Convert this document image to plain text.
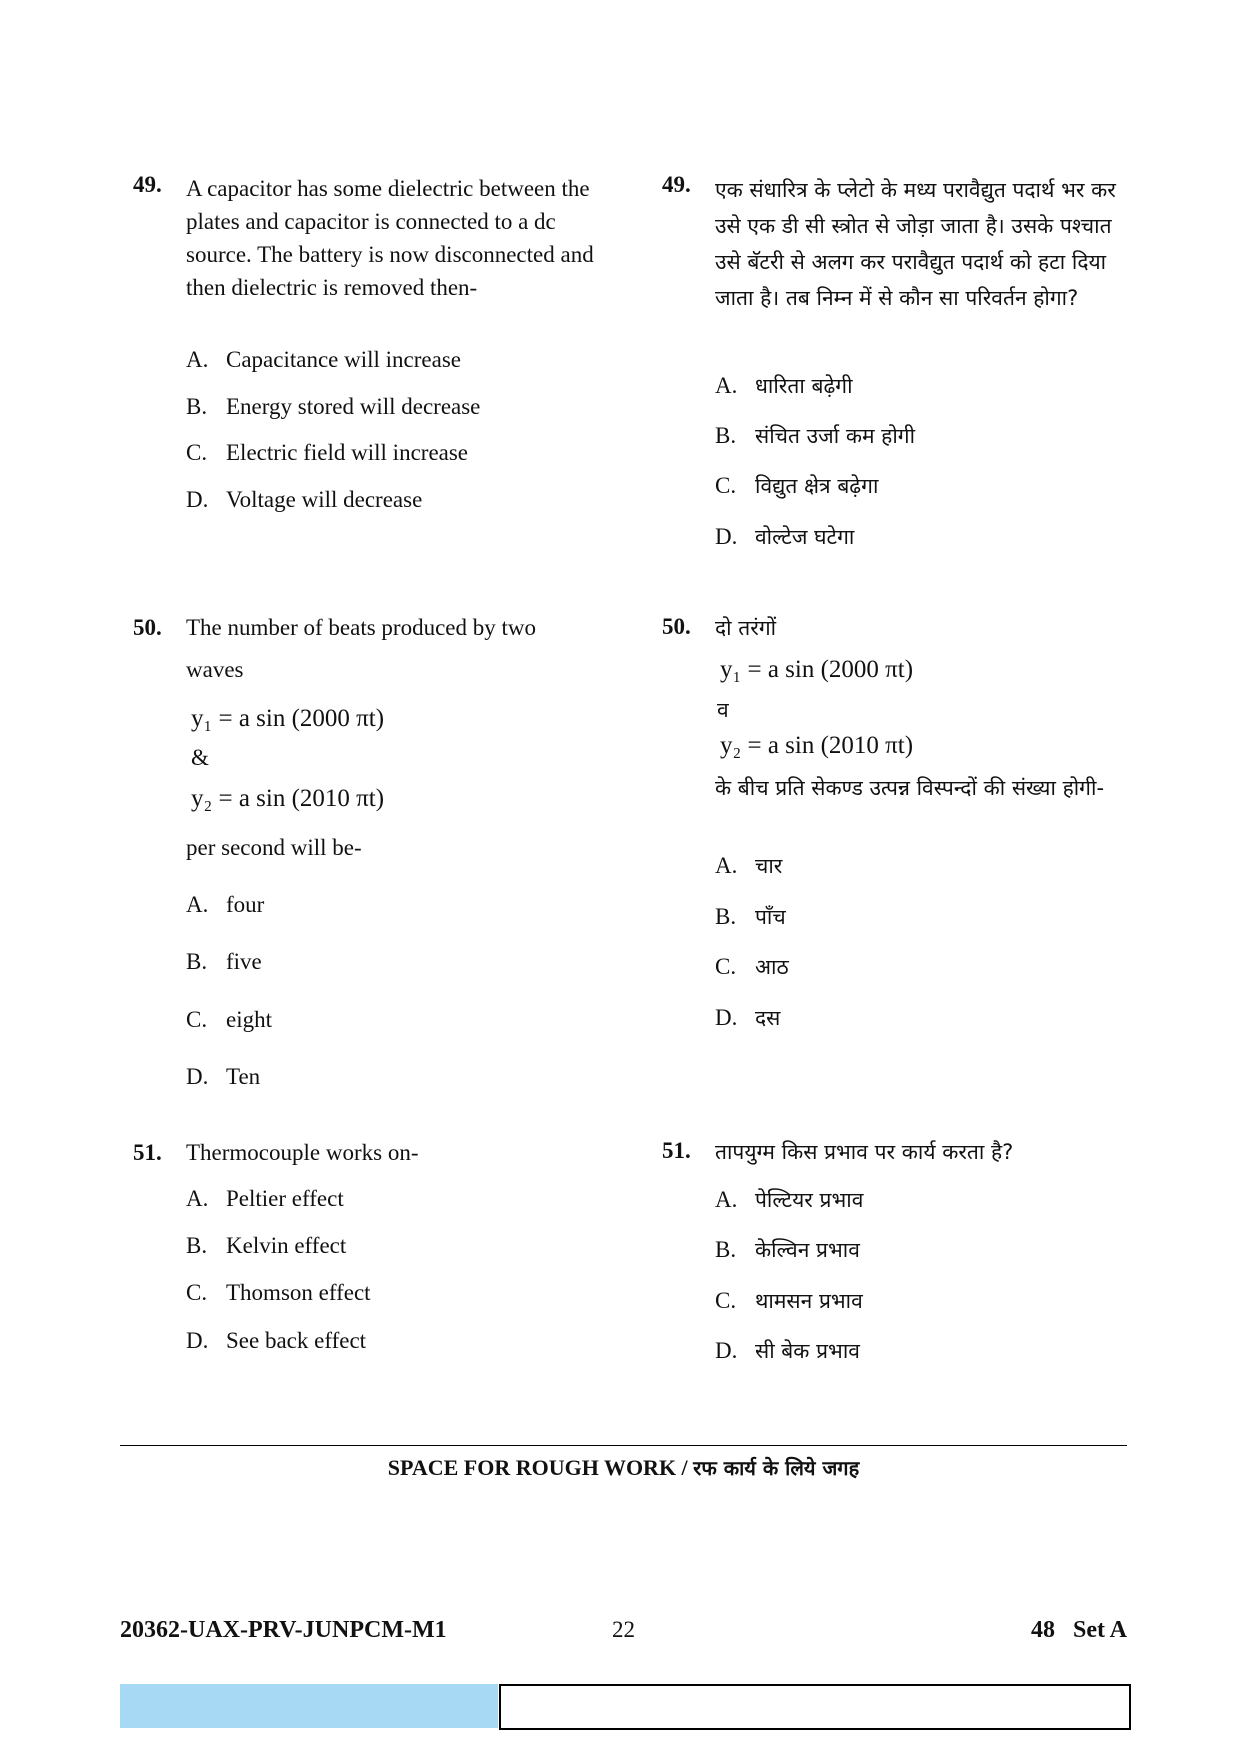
49. A capacitor has some dielectric between the plates and capacitor is connected to a dc source. The battery is now disconnected and then dielectric is removed then-

A. Capacitance will increase
B. Energy stored will decrease
C. Electric field will increase
D. Voltage will decrease
50. The number of beats produced by two
waves
y₁ = a sin (2000 πt)
&
y₂ = a sin (2010 πt)
per second will be-
A. four
B. five
C. eight
D. Ten
51. Thermocouple works on-
A. Peltier effect
B. Kelvin effect
C. Thomson effect
D. See back effect
49. एक संधारित्र के प्लेटो के मध्य परावैद्युत पदार्थ भर कर उसे एक डी सी स्त्रोत से जोड़ा जाता है। उसके पश्चात उसे बॅटरी से अलग कर परावैद्युत पदार्थ को हटा दिया जाता है। तब निम्न में से कौन सा परिवर्तन होगा?

A. धारिता बढ़ेगी
B. संचित उर्जा कम होगी
C. विद्युत क्षेत्र बढ़ेगा
D. वोल्टेज घटेगा
50. दो तरंगों
y₁ = a sin (2000 πt)
व
y₂ = a sin (2010 πt)

के बीच प्रति सेकण्ड उत्पन्न विस्पन्दों की संख्या होगी-

A. चार
B. पाँच
C. आठ
D. दस
51. तापयुग्म किस प्रभाव पर कार्य करता है?
A. पेल्टियर प्रभाव
B. केल्विन प्रभाव
C. थामसन प्रभाव
D. सी बेक प्रभाव
SPACE FOR ROUGH WORK / रफ कार्य के लिये जगह
20362-UAX-PRV-JUNPCM-M1	22	48   Set A
